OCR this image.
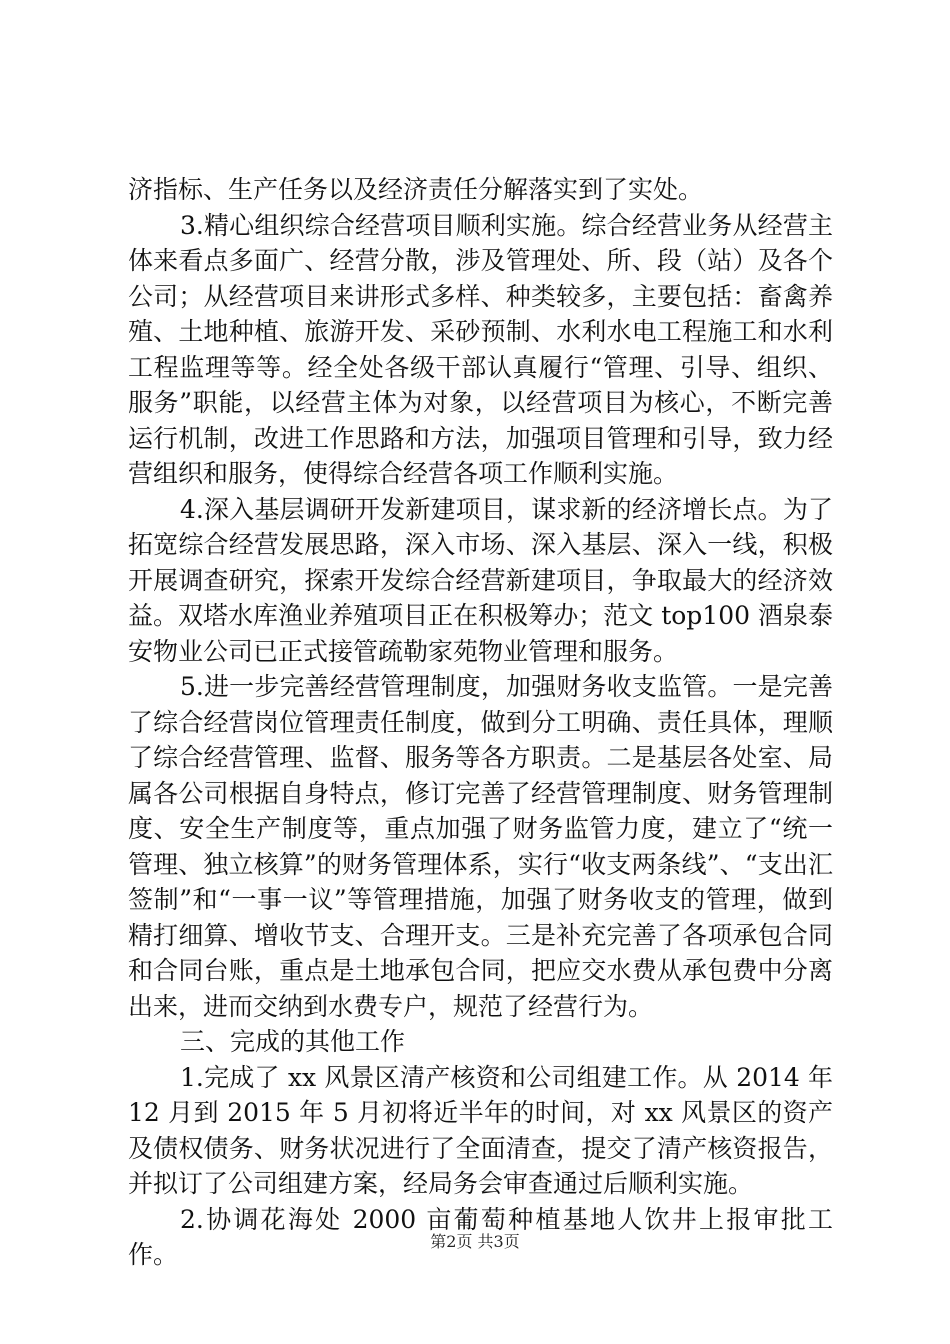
济指标、生产任务以及经济责任分解落实到了实处。

3.精心组织综合经营项目顺利实施。综合经营业务从经营主体来看点多面广、经营分散，涉及管理处、所、段（站）及各个公司；从经营项目来讲形式多样、种类较多，主要包括：畜禽养殖、土地种植、旅游开发、采砂预制、水利水电工程施工和水利工程监理等等。经全处各级干部认真履行“管理、引导、组织、服务”职能，以经营主体为对象，以经营项目为核心，不断完善运行机制，改进工作思路和方法，加强项目管理和引导，致力经营组织和服务，使得综合经营各项工作顺利实施。

4.深入基层调研开发新建项目，谋求新的经济增长点。为了拓宽综合经营发展思路，深入市场、深入基层、深入一线，积极开展调查研究，探索开发综合经营新建项目，争取最大的经济效益。双塔水库渔业养殖项目正在积极筹办；范文 top100 酒泉泰安物业公司已正式接管疏勒家苑物业管理和服务。

5.进一步完善经营管理制度，加强财务收支监管。一是完善了综合经营岗位管理责任制度，做到分工明确、责任具体，理顺了综合经营管理、监督、服务等各方职责。二是基层各处室、局属各公司根据自身特点，修订完善了经营管理制度、财务管理制度、安全生产制度等，重点加强了财务监管力度，建立了“统一管理、独立核算”的财务管理体系，实行“收支两条线”、“支出汇签制”和“一事一议”等管理措施，加强了财务收支的管理，做到精打细算、增收节支、合理开支。三是补充完善了各项承包合同和合同台账，重点是土地承包合同，把应交水费从承包费中分离出来，进而交纳到水费专户，规范了经营行为。

三、完成的其他工作

1.完成了 xx 风景区清产核资和公司组建工作。从 2014 年 12 月到 2015 年 5 月初将近半年的时间，对 xx 风景区的资产及债权债务、财务状况进行了全面清查，提交了清产核资报告，并拟订了公司组建方案，经局务会审查通过后顺利实施。

2.协调花海处 2000 亩葡萄种植基地人饮井上报审批工作。	第2页 共3页
